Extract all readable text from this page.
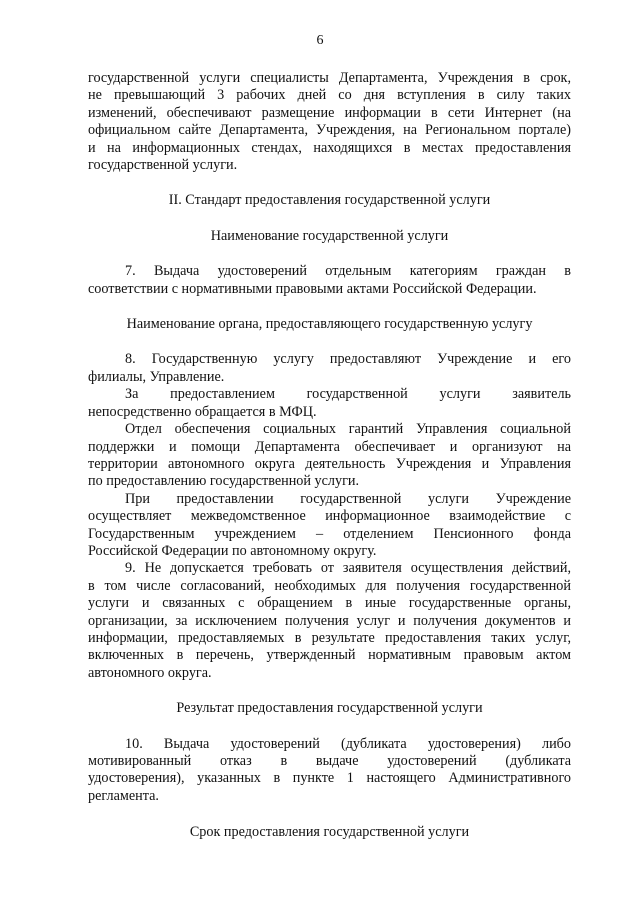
6
государственной услуги специалисты Департамента, Учреждения в срок,
не превышающий 3 рабочих дней со дня вступления в силу таких
изменений, обеспечивают размещение информации в сети Интернет (на
официальном сайте Департамента, Учреждения, на Региональном портале)
и на информационных стендах, находящихся в местах предоставления
государственной услуги.
II. Стандарт предоставления государственной услуги
Наименование государственной услуги
7. Выдача удостоверений отдельным категориям граждан в
соответствии с нормативными правовыми актами Российской Федерации.
Наименование органа, предоставляющего государственную услугу
8. Государственную услугу предоставляют Учреждение и его
филиалы, Управление.
За предоставлением государственной услуги заявитель
непосредственно обращается в МФЦ.
Отдел обеспечения социальных гарантий Управления социальной
поддержки и помощи Департамента обеспечивает и организуют на
территории автономного округа деятельность Учреждения и Управления
по предоставлению государственной услуги.
При предоставлении государственной услуги Учреждение
осуществляет межведомственное информационное взаимодействие с
Государственным учреждением – отделением Пенсионного фонда
Российской Федерации по автономному округу.
9. Не допускается требовать от заявителя осуществления действий,
в том числе согласований, необходимых для получения государственной
услуги и связанных с обращением в иные государственные органы,
организации, за исключением получения услуг и получения документов и
информации, предоставляемых в результате предоставления таких услуг,
включенных в перечень, утвержденный нормативным правовым актом
автономного округа.
Результат предоставления государственной услуги
10. Выдача удостоверений (дубликата удостоверения) либо
мотивированный отказ в выдаче удостоверений (дубликата
удостоверения), указанных в пункте 1 настоящего Административного
регламента.
Срок предоставления государственной услуги
